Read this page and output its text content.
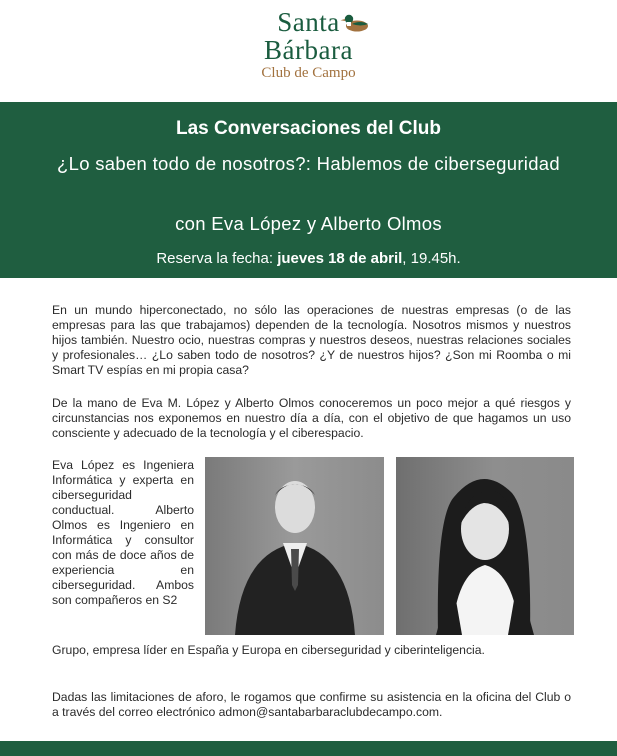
Santa
Bárbara
Club de Campo
Las Conversaciones del Club
¿Lo saben todo de nosotros?: Hablemos de ciberseguridad
con Eva López y Alberto Olmos
Reserva la fecha: jueves 18 de abril, 19.45h.
En un mundo hiperconectado, no sólo las operaciones de nuestras empresas (o de las empresas para las que trabajamos) dependen de la tecnología. Nosotros mismos y nuestros hijos también. Nuestro ocio, nuestras compras y nuestros deseos, nuestras relaciones sociales y profesionales… ¿Lo saben todo de nosotros? ¿Y de nuestros hijos? ¿Son mi Roomba o mi Smart TV espías en mi propia casa?
De la mano de Eva M. López y Alberto Olmos conoceremos un poco mejor a qué riesgos y circunstancias nos exponemos en nuestro día a día, con el objetivo de que hagamos un uso consciente y adecuado de la tecnología y el ciberespacio.
Eva López es Ingeniera Informática y experta en ciberseguridad conductual. Alberto Olmos es Ingeniero en Informática y consultor con más de doce años de experiencia en ciberseguridad. Ambos son compañeros en S2
Grupo, empresa líder en España y Europa en ciberseguridad y ciberinteligencia.
Dadas las limitaciones de aforo, le rogamos que confirme su asistencia en la oficina del Club o a través del correo electrónico admon@santabarbaraclubdecampo.com.
